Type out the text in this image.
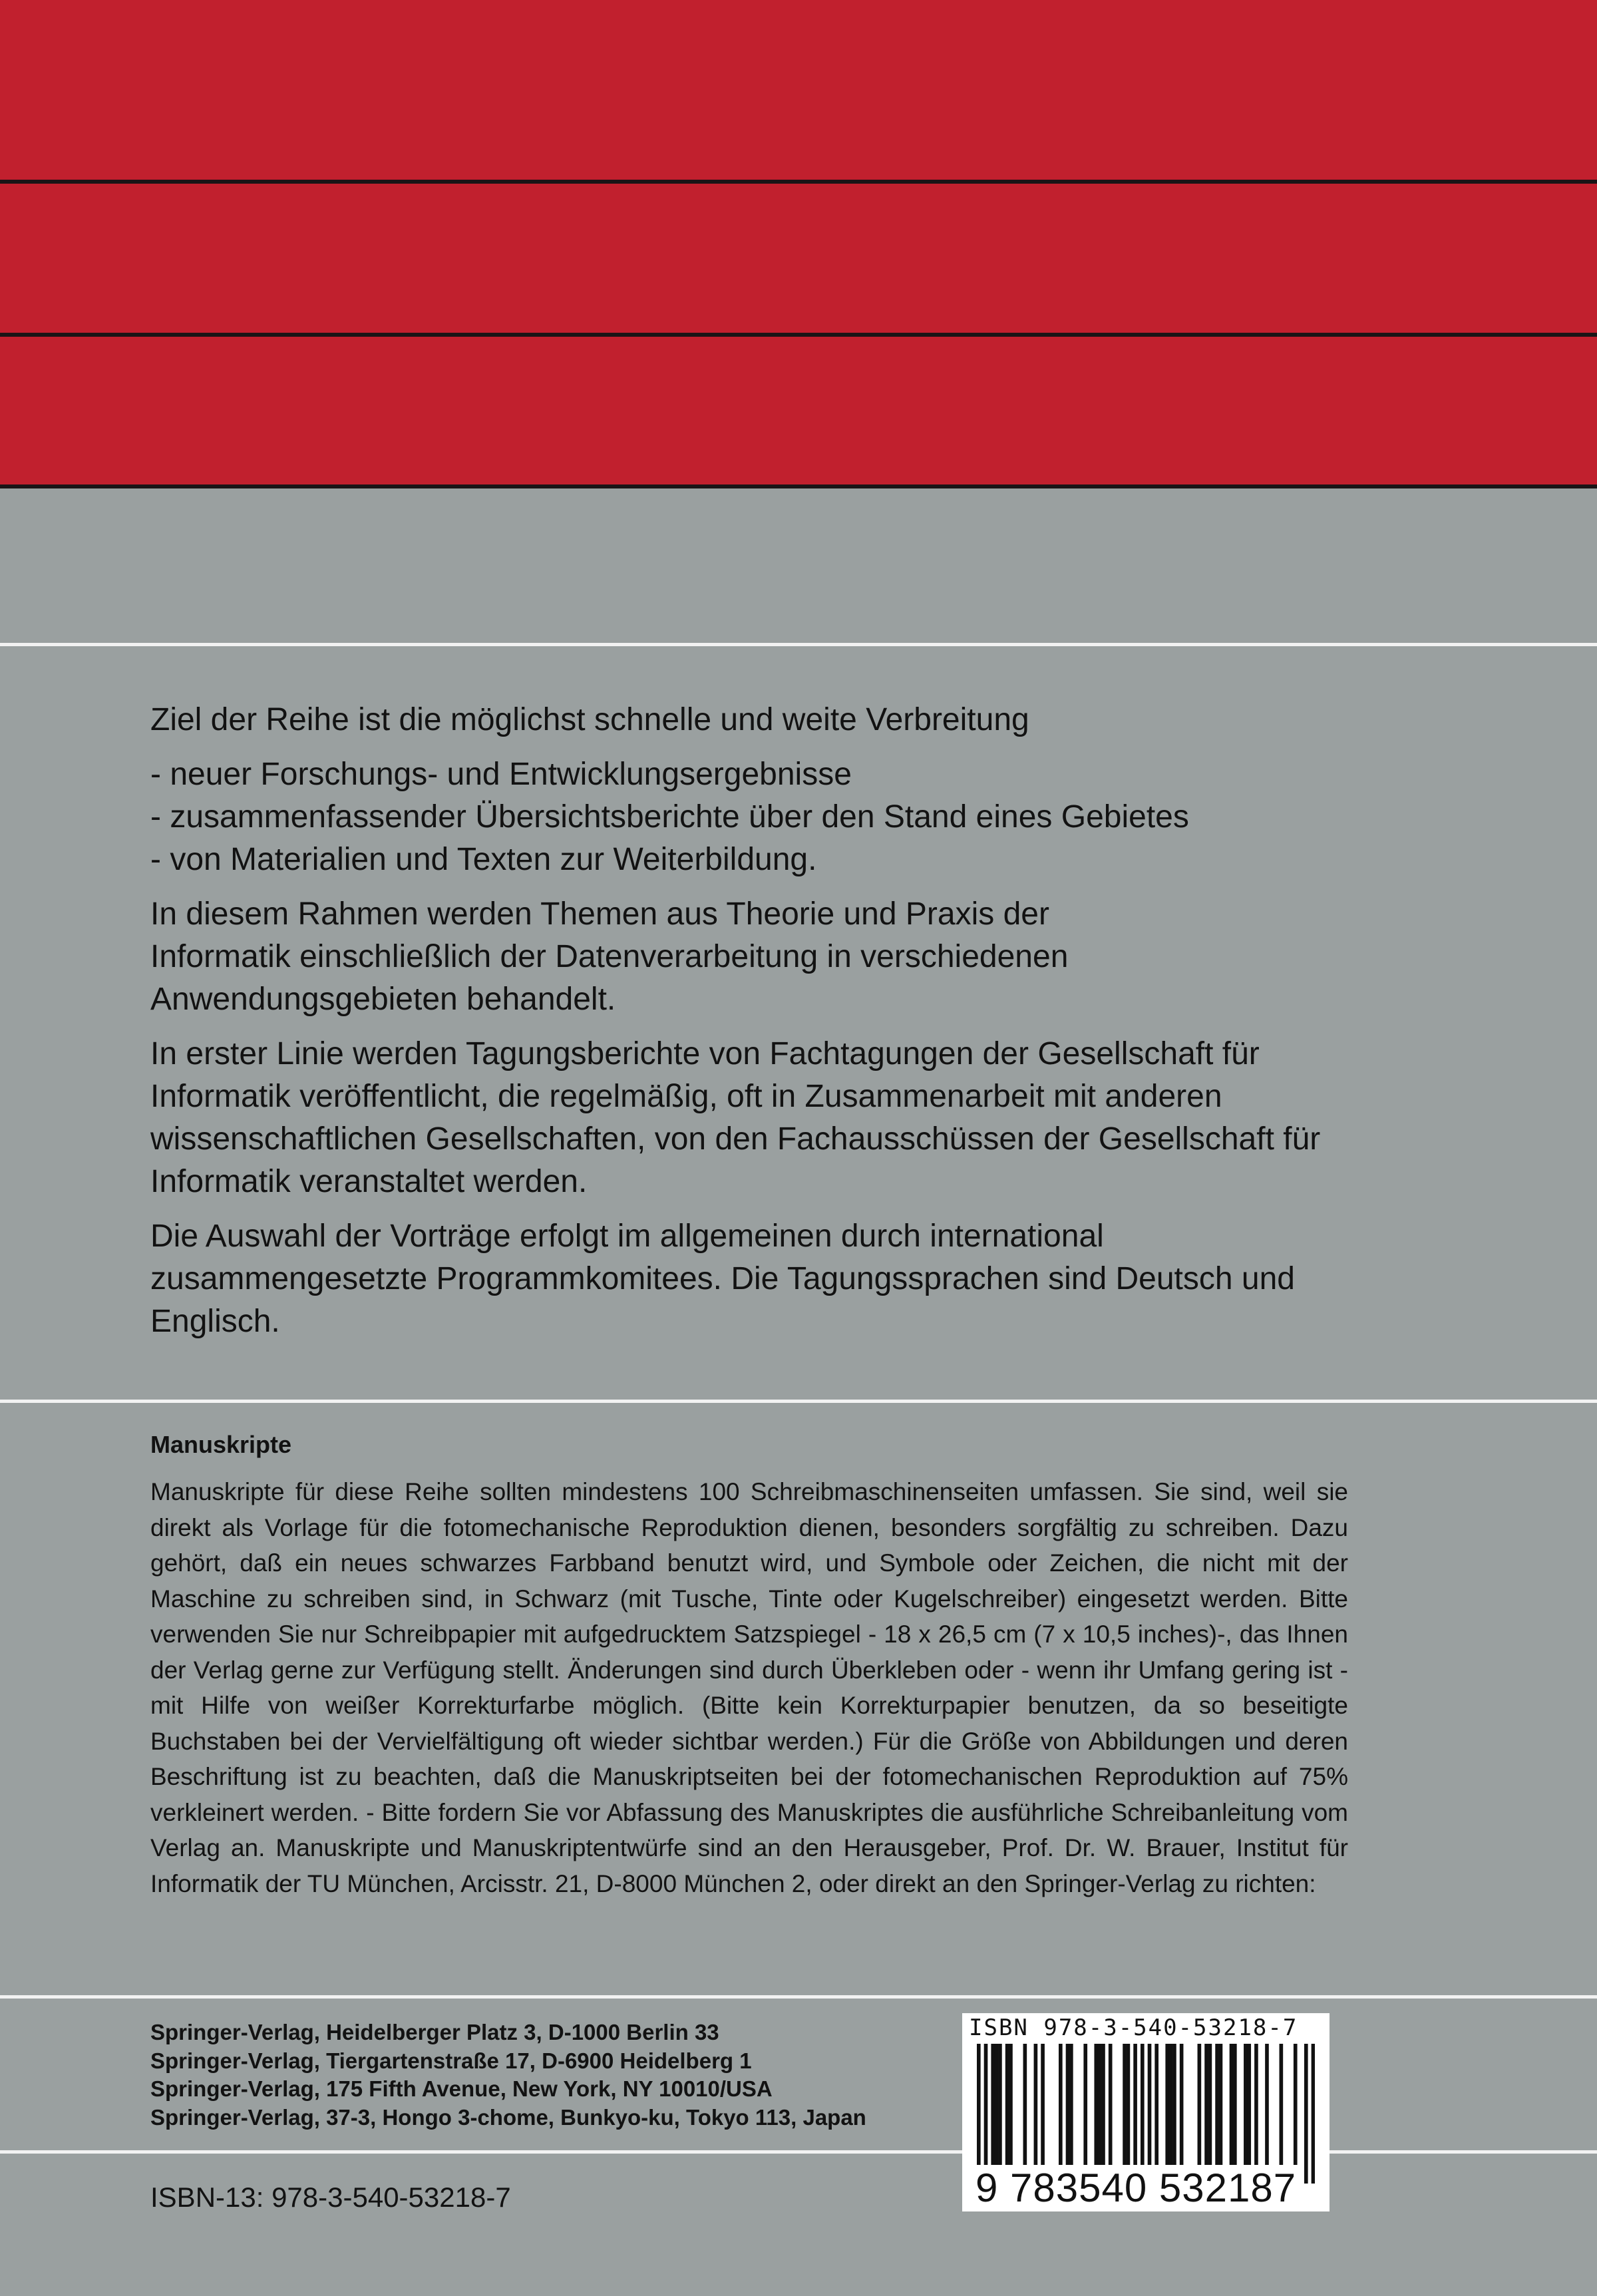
Ziel der Reihe ist die möglichst schnelle und weite Verbreitung

- neuer Forschungs- und Entwicklungsergebnisse
- zusammenfassender Übersichtsberichte über den Stand eines Gebietes
- von Materialien und Texten zur Weiterbildung.

In diesem Rahmen werden Themen aus Theorie und Praxis der Informatik einschließlich der Datenverarbeitung in verschiedenen Anwendungsgebieten behandelt.

In erster Linie werden Tagungsberichte von Fachtagungen der Gesellschaft für Informatik veröffentlicht, die regelmäßig, oft in Zusammenarbeit mit anderen wissenschaftlichen Gesellschaften, von den Fachausschüssen der Gesellschaft für Informatik veranstaltet werden.

Die Auswahl der Vorträge erfolgt im allgemeinen durch international zusammengesetzte Programmkomitees. Die Tagungssprachen sind Deutsch und Englisch.

Manuskripte

Manuskripte für diese Reihe sollten mindestens 100 Schreibmaschinenseiten umfassen. Sie sind, weil sie direkt als Vorlage für die fotomechanische Reproduktion dienen, besonders sorgfältig zu schreiben. Dazu gehört, daß ein neues schwarzes Farbband benutzt wird, und Symbole oder Zeichen, die nicht mit der Maschine zu schreiben sind, in Schwarz (mit Tusche, Tinte oder Kugelschreiber) eingesetzt werden. Bitte verwenden Sie nur Schreibpapier mit aufgedrucktem Satzspiegel - 18 x 26,5 cm (7 x 10,5 inches)-, das Ihnen der Verlag gerne zur Verfügung stellt. Änderungen sind durch Überkleben oder - wenn ihr Umfang gering ist - mit Hilfe von weißer Korrekturfarbe möglich. (Bitte kein Korrekturpapier benutzen, da so beseitigte Buchstaben bei der Vervielfältigung oft wieder sichtbar werden.) Für die Größe von Abbildungen und deren Beschriftung ist zu beachten, daß die Manuskriptseiten bei der fotomechanischen Reproduktion auf 75% verkleinert werden. - Bitte fordern Sie vor Abfassung des Manuskriptes die ausführliche Schreibanleitung vom Verlag an. Manuskripte und Manuskriptentwürfe sind an den Herausgeber, Prof. Dr. W. Brauer, Institut für Informatik der TU München, Arcisstr. 21, D-8000 München 2, oder direkt an den Springer-Verlag zu richten:

Springer-Verlag, Heidelberger Platz 3, D-1000 Berlin 33
Springer-Verlag, Tiergartenstraße 17, D-6900 Heidelberg 1
Springer-Verlag, 175 Fifth Avenue, New York, NY 10010/USA
Springer-Verlag, 37-3, Hongo 3-chome, Bunkyo-ku, Tokyo 113, Japan

ISBN-13: 978-3-540-53218-7

ISBN 978-3-540-53218-7
9 783540 532187
